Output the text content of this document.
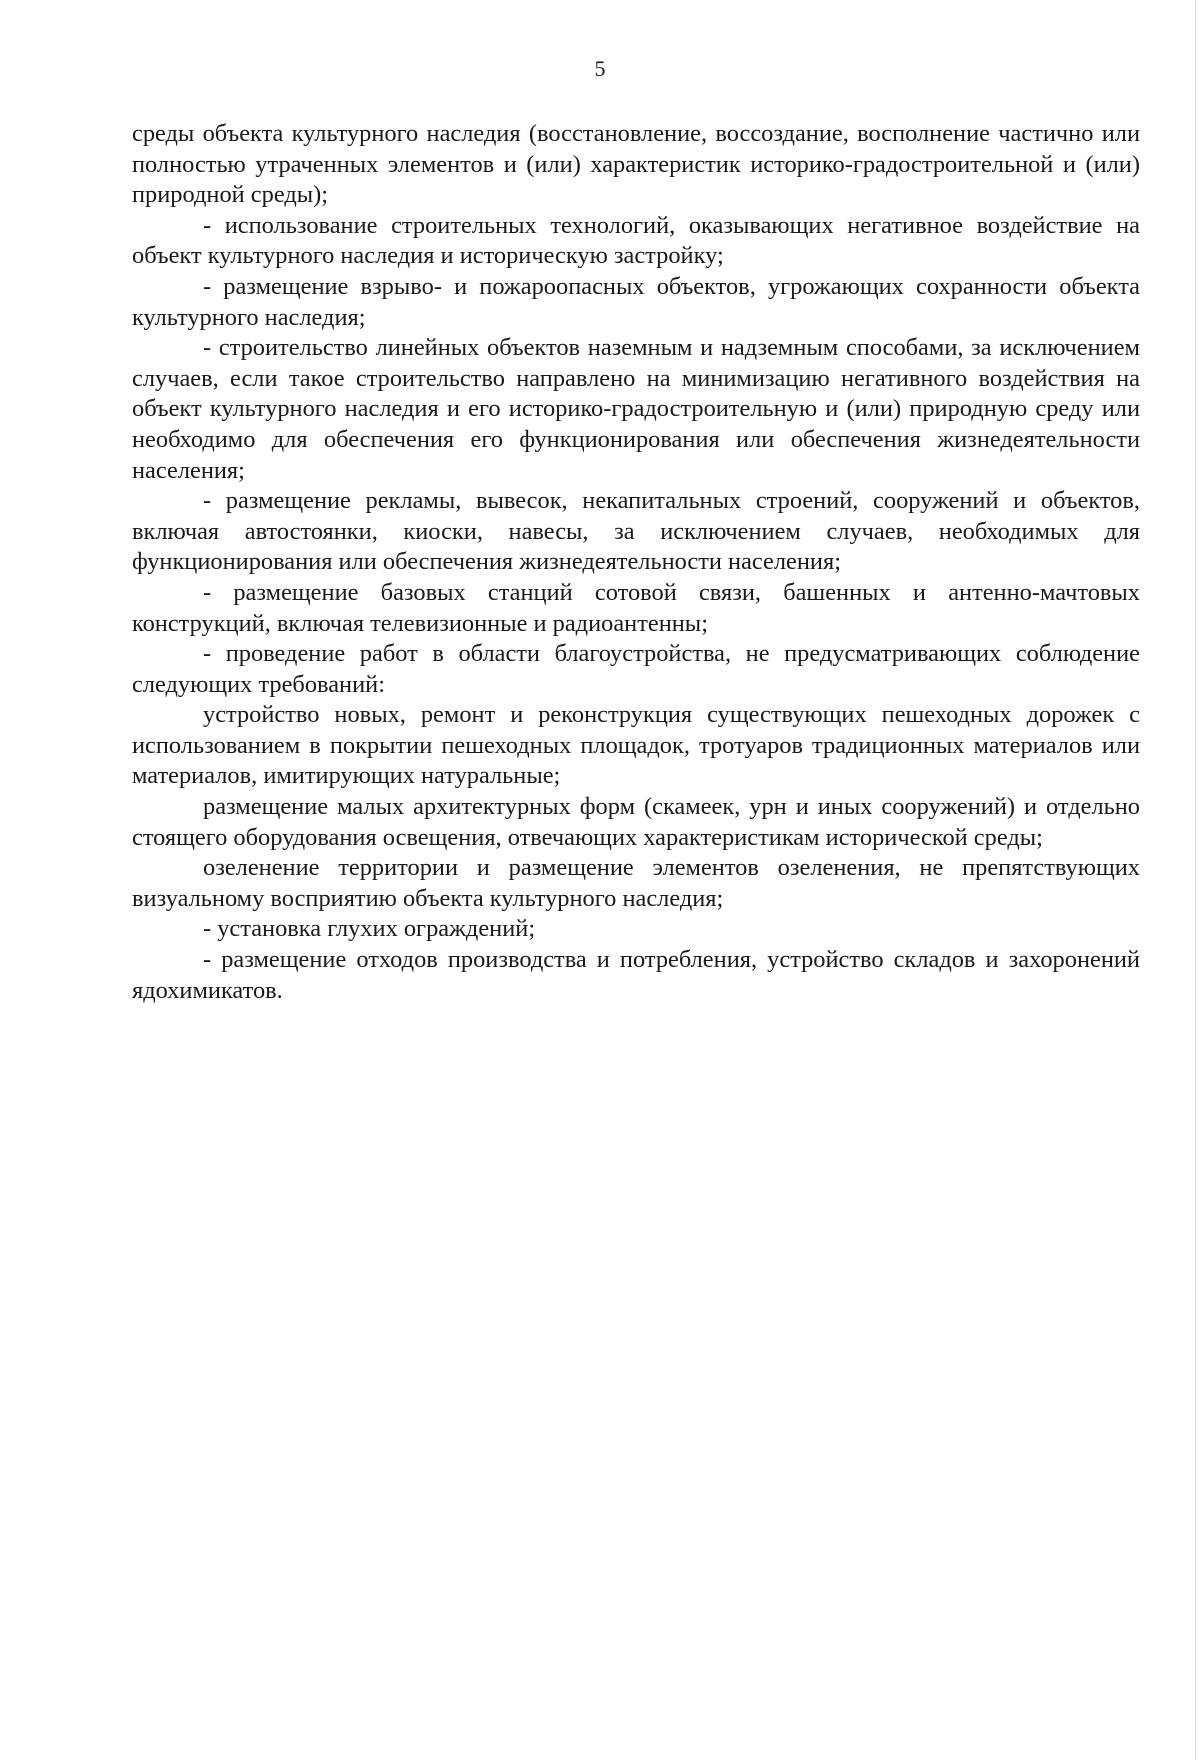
5

среды объекта культурного наследия (восстановление, воссоздание, восполнение частично или полностью утраченных элементов и (или) характеристик историко-градостроительной и (или) природной среды);

- использование строительных технологий, оказывающих негативное воздействие на объект культурного наследия и историческую застройку;

- размещение взрыво- и пожароопасных объектов, угрожающих сохранности объекта культурного наследия;

- строительство линейных объектов наземным и надземным способами, за исключением случаев, если такое строительство направлено на минимизацию негативного воздействия на объект культурного наследия и его историко-градостроительную и (или) природную среду или необходимо для обеспечения его функционирования или обеспечения жизнедеятельности населения;

- размещение рекламы, вывесок, некапитальных строений, сооружений и объектов, включая автостоянки, киоски, навесы, за исключением случаев, необходимых для функционирования или обеспечения жизнедеятельности населения;

- размещение базовых станций сотовой связи, башенных и антенно-мачтовых конструкций, включая телевизионные и радиоантенны;

- проведение работ в области благоустройства, не предусматривающих соблюдение следующих требований:

устройство новых, ремонт и реконструкция существующих пешеходных дорожек с использованием в покрытии пешеходных площадок, тротуаров традиционных материалов или материалов, имитирующих натуральные;

размещение малых архитектурных форм (скамеек, урн и иных сооружений) и отдельно стоящего оборудования освещения, отвечающих характеристикам исторической среды;

озеленение территории и размещение элементов озеленения, не препятствующих визуальному восприятию объекта культурного наследия;

- установка глухих ограждений;

- размещение отходов производства и потребления, устройство складов и захоронений ядохимикатов.
